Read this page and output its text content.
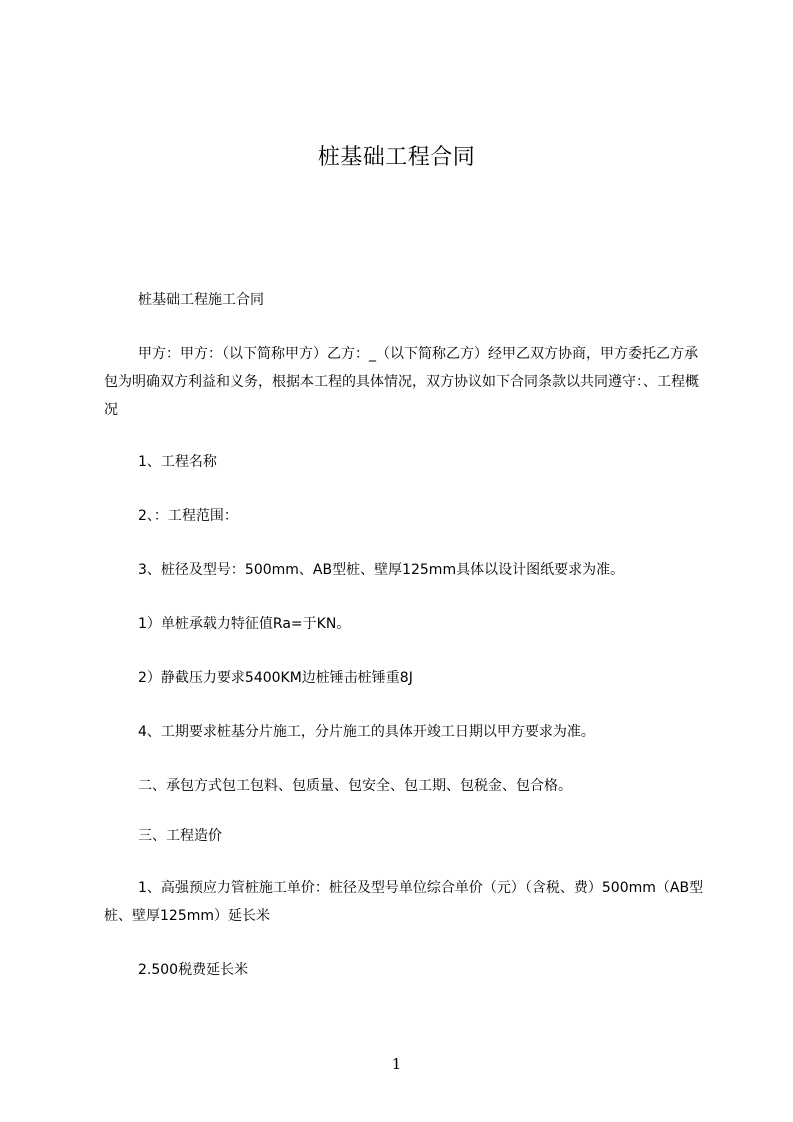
桩基础工程合同
桩基础工程施工合同
甲方：甲方：（以下简称甲方）乙方：_（以下简称乙方）经甲乙双方协商，甲方委托乙方承包为明确双方利益和义务，根据本工程的具体情况，双方协议如下合同条款以共同遵守：、工程概况
1、工程名称
2、：工程范围：
3、桩径及型号：500mm、AB型桩、壁厚125mm具体以设计图纸要求为准。
1）单桩承载力特征值Ra=于KN。
2）静截压力要求5400KM边桩锤击桩锤重8J
4、工期要求桩基分片施工，分片施工的具体开竣工日期以甲方要求为准。
二、承包方式包工包料、包质量、包安全、包工期、包税金、包合格。
三、工程造价
1、高强预应力管桩施工单价：桩径及型号单位综合单价（元）（含税、费）500mm（AB型桩、壁厚125mm）延长米
2.500税费延长米
1
